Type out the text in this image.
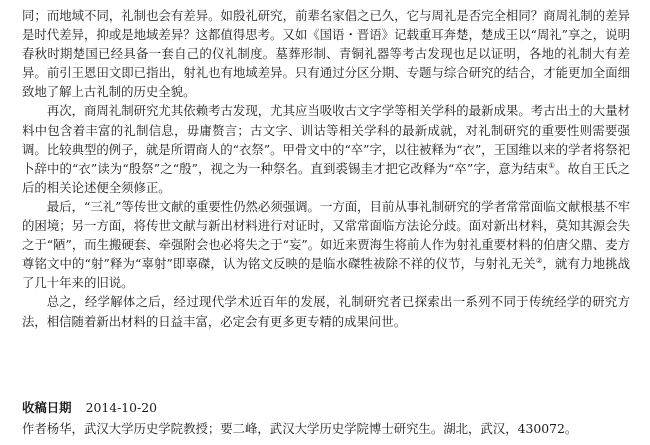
同；而地域不同，礼制也会有差异。如殷礼研究，前辈名家倡之已久，它与周礼是否完全相同？商周礼制的差异是时代差异，抑或是地域差异？这都值得思考。又如《国语・晋语》记载重耳奔楚，楚成王以“周礼”享之，说明春秋时期楚国已经具备一套自己的仪礼制度。墓葬形制、青铜礼器等考古发现也足以证明，各地的礼制大有差异。前引王恩田文即已指出，射礼也有地域差异。只有通过分区分期、专题与综合研究的结合，才能更加全面细致地了解上古礼制的历史全貌。

再次，商周礼制研究尤其依赖考古发现，尤其应当吸收古文字学等相关学科的最新成果。考古出土的大量材料中包含着丰富的礼制信息，毋庸赘言；古文字、训诂等相关学科的最新成就，对礼制研究的重要性则需要强调。比较典型的例子，就是所谓商人的“衣祭”。甲骨文中的“卒”字，以往被释为“衣”，王国维以来的学者将祭祀卜辞中的“衣”读为“殷祭”之“殷”，视之为一种祭名。直到裘锡圭才把它改释为“卒”字，意为结束①。故自王氏之后的相关论述便全须修正。

最后，“三礼”等传世文献的重要性仍然必须强调。一方面，目前从事礼制研究的学者常常面临文献根基不牢的困境；另一方面，将传世文献与新出材料进行对证时，又常常面临方法论分歧。面对新出材料，莫知其源会失之于“陋”，而生搬硬套、牵强附会也必将失之于“妄”。如近来贾海生将前人作为射礼重要材料的伯唐父鼎、麦方尊铭文中的“射”释为“辜射”即辜磔，认为铭文反映的是临水磔牲祓除不祥的仪节，与射礼无关②，就有力地挑战了几十年来的旧说。

总之，经学解体之后，经过现代学术近百年的发展，礼制研究者已探索出一系列不同于传统经学的研究方法，相信随着新出材料的日益丰富，必定会有更多更专精的成果问世。

收稿日期 2014-10-20
作者杨华，武汉大学历史学院教授；要二峰，武汉大学历史学院博士研究生。湖北，武汉，430072。
